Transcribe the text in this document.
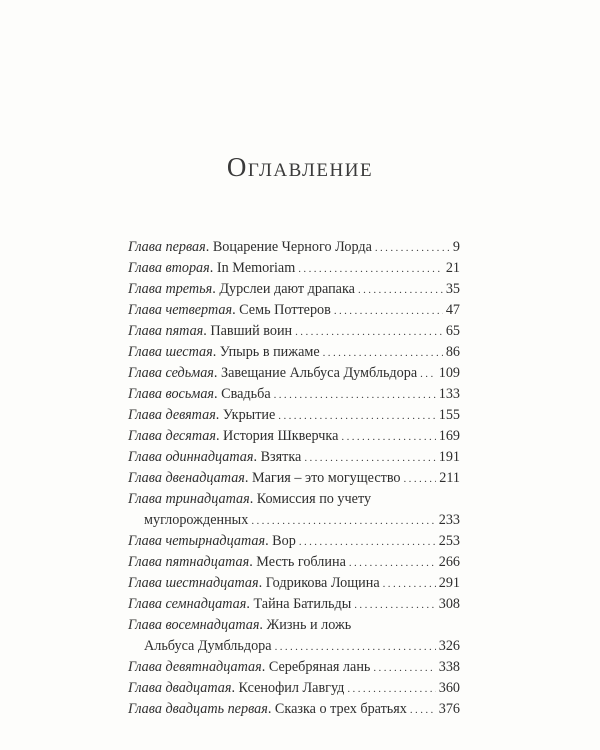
Оглавление
Глава первая . Воцарение Черного Лорда .....	9
Глава вторая . In Memoriam .....	21
Глава третья . Дурслеи дают драпака .....	35
Глава четвертая . Семь Поттеров .....	47
Глава пятая . Павший воин .....	65
Глава шестая . Упырь в пижаме .....	86
Глава седьмая . Завещание Альбуса Думбльдора ..... 109
Глава восьмая . Свадьба .....	133
Глава девятая . Укрытие .....	155
Глава десятая . История Шкверчка .....	169
Глава одиннадцатая . Взятка .....	191
Глава двенадцатая . Магия – это могущество .....	211
Глава тринадцатая . Комиссия по учету
муглорожденных .....	233
Глава четырнадцатая . Вор .....	253
Глава пятнадцатая . Месть гоблина .....	266
Глава шестнадцатая . Годрикова Лощина .....	291
Глава семнадцатая . Тайна Батильды .....	308
Глава восемнадцатая . Жизнь и ложь
Альбуса Думбльдора .....	326
Глава девятнадцатая . Серебряная лань .....	338
Глава двадцатая . Ксенофил Лавгуд .....	360
Глава двадцать первая . Сказка о трех братьях ..... 376
